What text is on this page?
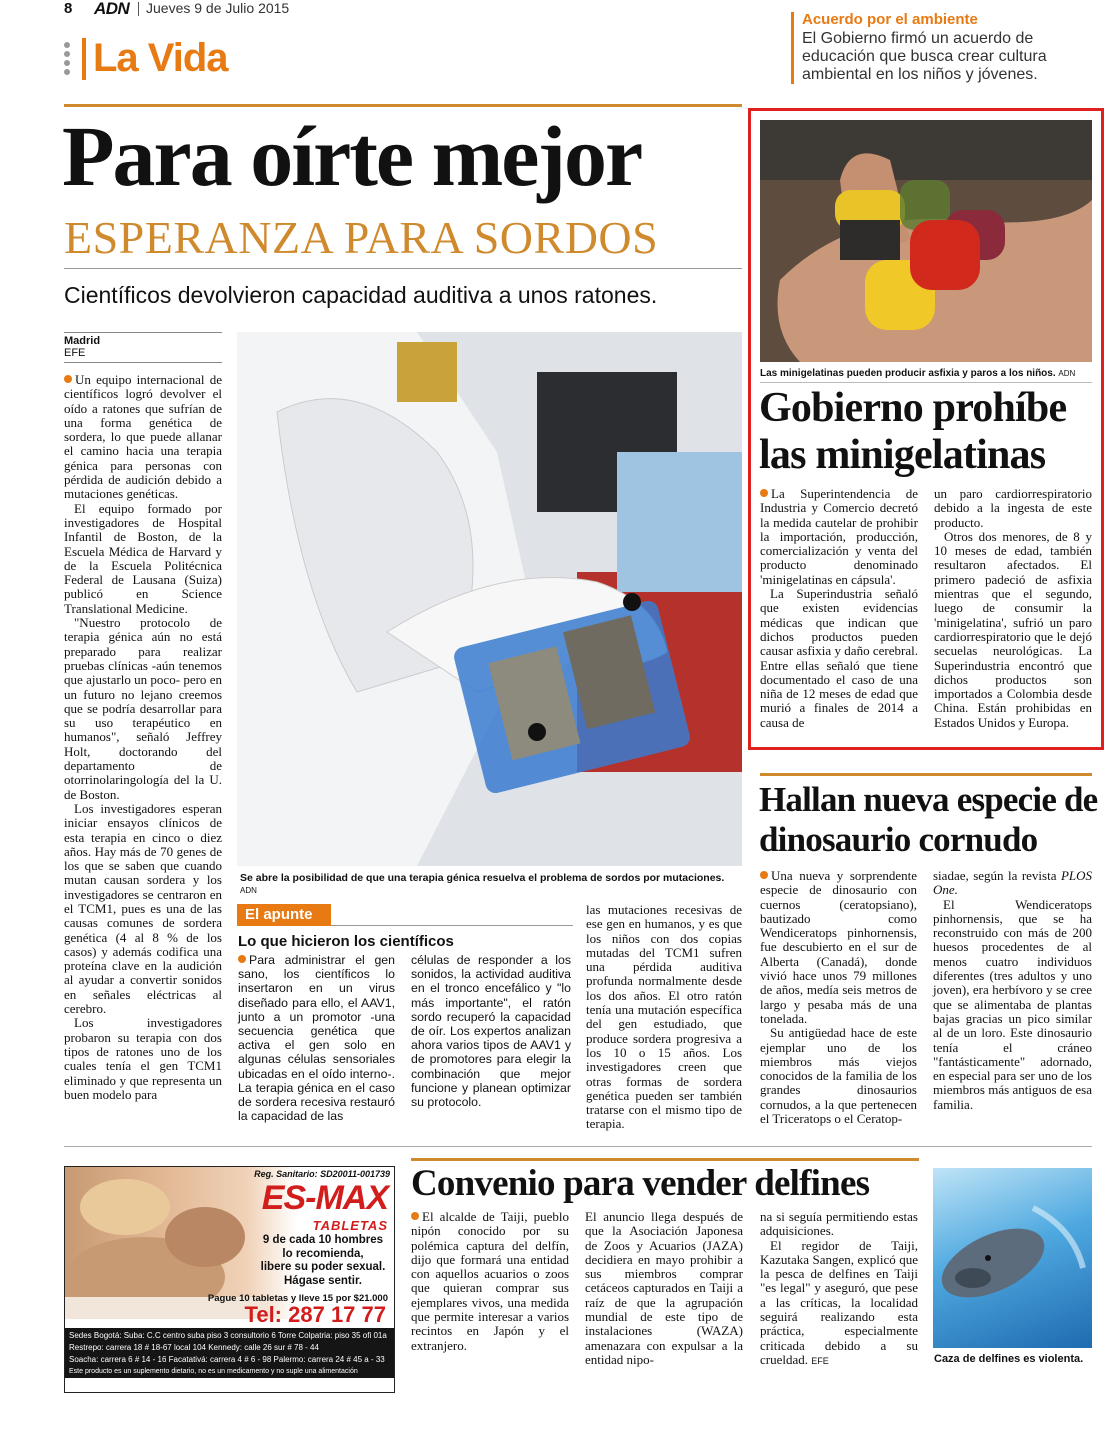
8 ADN Jueves 9 de Julio 2015
La Vida
Acuerdo por el ambiente
El Gobierno firmó un acuerdo de educación que busca crear cultura ambiental en los niños y jóvenes.
Para oírte mejor
ESPERANZA PARA SORDOS
Científicos devolvieron capacidad auditiva a unos ratones.
Madrid
EFE

Un equipo internacional de científicos logró devolver el oído a ratones que sufrían de una forma genética de sordera, lo que puede allanar el camino hacia una terapia génica para personas con pérdida de audición debido a mutaciones genéticas.

El equipo formado por investigadores de Hospital Infantil de Boston, de la Escuela Médica de Harvard y de la Escuela Politécnica Federal de Lausana (Suiza) publicó en Science Translational Medicine.

"Nuestro protocolo de terapia génica aún no está preparado para realizar pruebas clínicas -aún tenemos que ajustarlo un poco- pero en un futuro no lejano creemos que se podría desarrollar para su uso terapéutico en humanos", señaló Jeffrey Holt, doctorando del departamento de otorrinolaringología del la U. de Boston.

Los investigadores esperan iniciar ensayos clínicos de esta terapia en cinco o diez años. Hay más de 70 genes de los que se saben que cuando mutan causan sordera y los investigadores se centraron en el TCM1, pues es una de las causas comunes de sordera genética (4 al 8 % de los casos) y además codifica una proteína clave en la audición al ayudar a convertir sonidos en señales eléctricas al cerebro.

Los investigadores probaron su terapia con dos tipos de ratones uno de los cuales tenía el gen TCM1 eliminado y que representa un buen modelo para

Se abre la posibilidad de que una terapia génica resuelva el problema de sordos por mutaciones. ADN
El apunte
Lo que hicieron los científicos
Para administrar el gen sano, los científicos lo insertaron en un virus diseñado para ello, el AAV1, junto a un promotor -una secuencia genética que activa el gen solo en algunas células sensoriales ubicadas en el oído interno-. La terapia génica en el caso de sordera recesiva restauró la capacidad de las
células de responder a los sonidos, la actividad auditiva en el tronco encefálico y "lo más importante", el ratón sordo recuperó la capacidad de oír. Los expertos analizan ahora varios tipos de AAV1 y de promotores para elegir la combinación que mejor funcione y planean optimizar su protocolo.
las mutaciones recesivas de ese gen en humanos, y es que los niños con dos copias mutadas del TCM1 sufren una pérdida auditiva profunda normalmente desde los dos años. El otro ratón tenía una mutación específica del gen estudiado, que produce sordera progresiva a los 10 o 15 años. Los investigadores creen que otras formas de sordera genética pueden ser también tratarse con el mismo tipo de terapia.
Las minigelatinas pueden producir asfixia y paros a los niños. ADN
Gobierno prohíbe las minigelatinas

La Superintendencia de Industria y Comercio decretó la medida cautelar de prohibir la importación, producción, comercialización y venta del producto denominado 'minigelatinas en cápsula'.

La Superindustria señaló que existen evidencias médicas que indican que dichos productos pueden causar asfixia y daño cerebral. Entre ellas señaló que tiene documentado el caso de una niña de 12 meses de edad que murió a finales de 2014 a causa de

un paro cardiorrespiratorio debido a la ingesta de este producto.

Otros dos menores, de 8 y 10 meses de edad, también resultaron afectados. El primero padeció de asfixia mientras que el segundo, luego de consumir la 'minigelatina', sufrió un paro cardiorrespiratorio que le dejó secuelas neurológicas. La Superindustria encontró que dichos productos son importados a Colombia desde China. Están prohibidas en Estados Unidos y Europa.

Hallan nueva especie de dinosaurio cornudo

Una nueva y sorprendente especie de dinosaurio con cuernos (ceratopsiano), bautizado como Wendiceratops pinhornensis, fue descubierto en el sur de Alberta (Canadá), donde vivió hace unos 79 millones de años, medía seis metros de largo y pesaba más de una tonelada.

Su antigüedad hace de este ejemplar uno de los miembros más viejos conocidos de la familia de los grandes dinosaurios cornudos, a la que pertenecen el Triceratops o el Ceratop-

siadae, según la revista PLOS One.

El Wendiceratops pinhornensis, que se ha reconstruido con más de 200 huesos procedentes de al menos cuatro individuos diferentes (tres adultos y uno joven), era herbívoro y se cree que se alimentaba de plantas bajas gracias un pico similar al de un loro. Este dinosaurio tenía el cráneo "fantásticamente" adornado, en especial para ser uno de los miembros más antiguos de esa familia.

Reg. Sanitario: SD20011-001739
ES-MAX
TABLETAS
9 de cada 10 hombres
lo recomienda,
libere su poder sexual.
Hágase sentir.
Pague 10 tabletas y lleve 15 por $21.000
Tel: 287 17 77
Sedes Bogotá: Suba: C.C centro suba piso 3 consultorio 6 Torre Colpatria: piso 35 ofi 01a
Restrepo: carrera 18 # 18-67 local 104 Kennedy: calle 26 sur # 78 - 44
Soacha: carrera 6 # 14 - 16 Facatativá: carrera 4 # 6 - 98 Palermo: carrera 24 # 45 a - 33
Este producto es un suplemento dietario, no es un medicamento y no suple una alimentación equilibrada
Convenio para vender delfines
El alcalde de Taiji, pueblo nipón conocido por su polémica captura del delfín, dijo que formará una entidad con aquellos acuarios o zoos que quieran comprar sus ejemplares vivos, una medida que permite interesar a varios recintos en Japón y el extranjero.
El anuncio llega después de que la Asociación Japonesa de Zoos y Acuarios (JAZA) decidiera en mayo prohibir a sus miembros comprar cetáceos capturados en Taiji a raíz de que la agrupación mundial de este tipo de instalaciones (WAZA) amenazara con expulsar a la entidad nipo-

na si seguía permitiendo estas adquisiciones.

El regidor de Taiji, Kazutaka Sangen, explicó que la pesca de delfines en Taiji "es legal" y aseguró, que pese a las críticas, la localidad seguirá realizando esta práctica, especialmente criticada debido a su crueldad. EFE	Caza de delfines es violenta.
